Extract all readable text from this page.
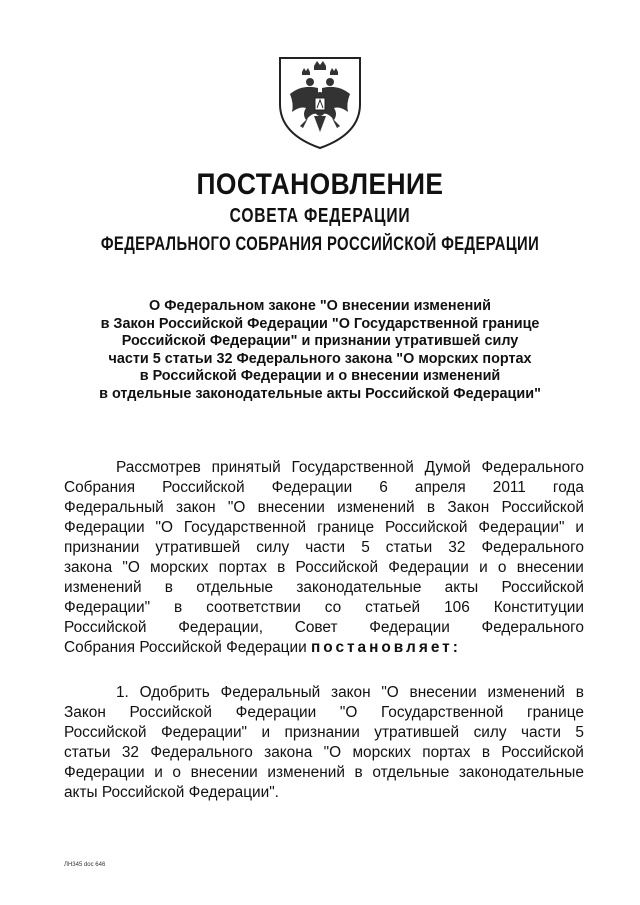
ПОСТАНОВЛЕНИЕ
СОВЕТА ФЕДЕРАЦИИ
ФЕДЕРАЛЬНОГО СОБРАНИЯ РОССИЙСКОЙ ФЕДЕРАЦИИ
О Федеральном законе "О внесении изменений
в Закон Российской Федерации "О Государственной границе
Российской Федерации" и признании утратившей силу
части 5 статьи 32 Федерального закона "О морских портах
в Российской Федерации и о внесении изменений
в отдельные законодательные акты Российской Федерации"
Рассмотрев принятый Государственной Думой Федерального
Собрания Российской Федерации 6 апреля 2011 года
Федеральный закон "О внесении изменений в Закон Российской
Федерации "О Государственной границе Российской Федерации" и
признании утратившей силу части 5 статьи 32 Федерального
закона "О морских портах в Российской Федерации и о внесении
изменений в отдельные законодательные акты Российской
Федерации" в соответствии со статьей 106 Конституции
Российской Федерации, Совет Федерации Федерального
Собрания Российской Федерации постановляет:
1. Одобрить Федеральный закон "О внесении изменений в
Закон Российской Федерации "О Государственной границе
Российской Федерации" и признании утратившей силу части 5
статьи 32 Федерального закона "О морских портах в Российской
Федерации и о внесении изменений в отдельные законодательные
акты Российской Федерации".
ЛН345 doc 646
